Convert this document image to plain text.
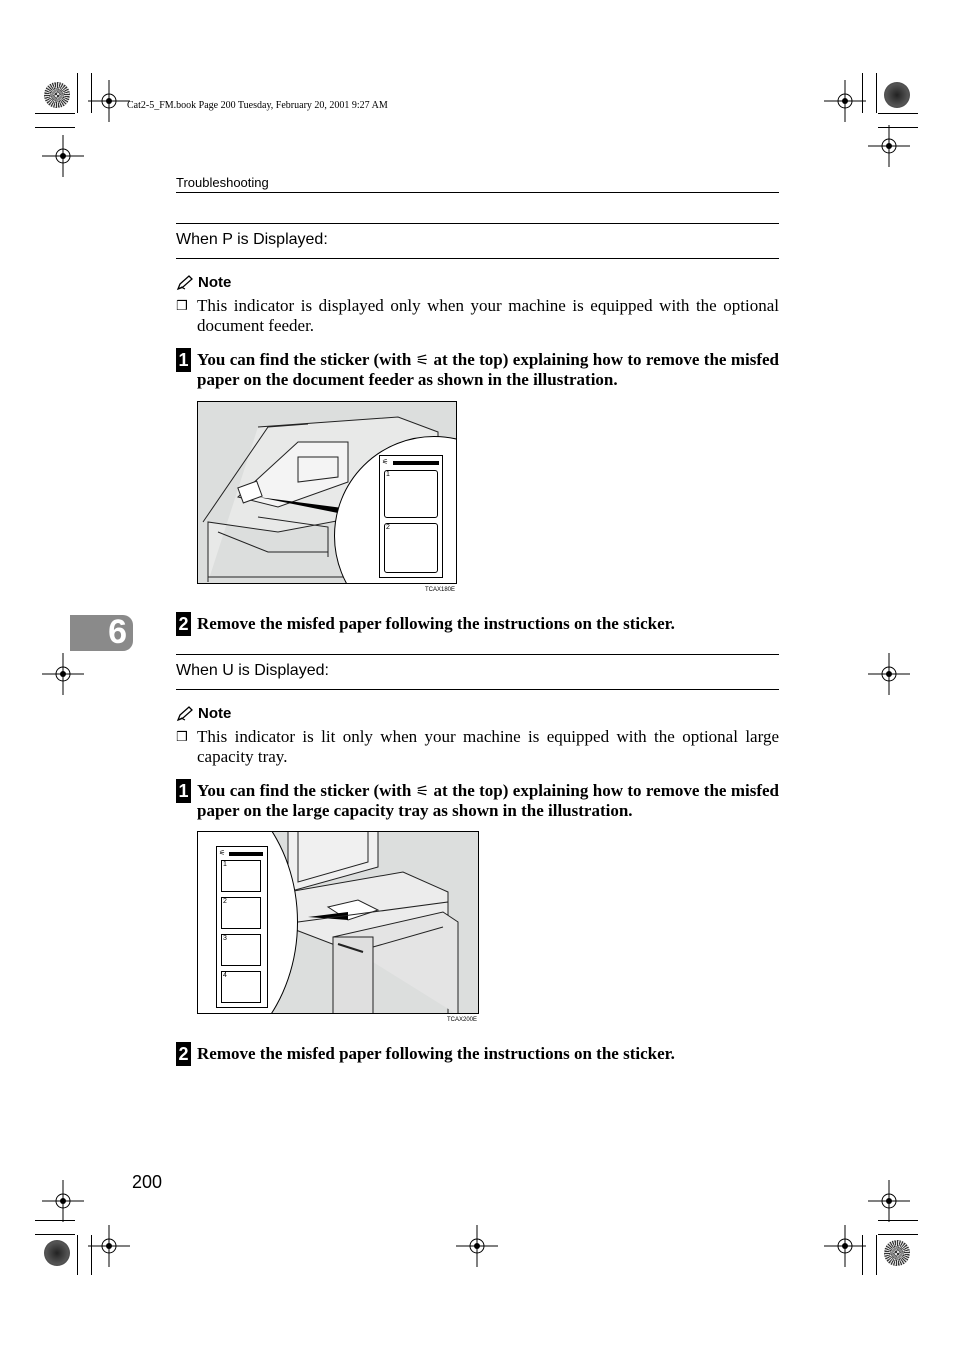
Cat2-5_FM.book Page 200 Tuesday, February 20, 2001 9:27 AM
Troubleshooting
When P is Displayed:
Note
❒ This indicator is displayed only when your machine is equipped with the optional document feeder.
1 You can find the sticker (with ⚟ at the top) explaining how to remove the misfed paper on the document feeder as shown in the illustration.
⚟
1
2
TCAX180E
2 Remove the misfed paper following the instructions on the sticker.
6
When U is Displayed:
Note
❒ This indicator is lit only when your machine is equipped with the optional large capacity tray.
1 You can find the sticker (with ⚟ at the top) explaining how to remove the misfed paper on the large capacity tray as shown in the illustration.
⚟
1
2
3
4
TCAX200E
2 Remove the misfed paper following the instructions on the sticker.
200
